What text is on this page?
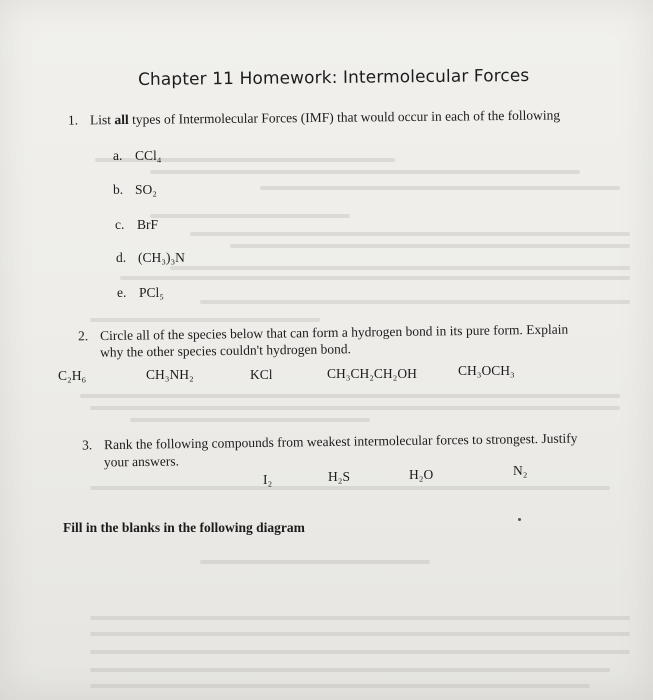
Chapter 11 Homework: Intermolecular Forces
1. List all types of Intermolecular Forces (IMF) that would occur in each of the following
a. CCl₄
b. SO₂
c. BrF
d. (CH₃)₃N
e. PCl₅
2. Circle all of the species below that can form a hydrogen bond in its pure form. Explain
why the other species couldn't hydrogen bond.
C₂H₆	CH₃NH₂	KCl	CH₃CH₂CH₂OH	CH₃OCH₃
3. Rank the following compounds from weakest intermolecular forces to strongest. Justify
your answers.
I₂	H₂S	H₂O	N₂
Fill in the blanks in the following diagram
